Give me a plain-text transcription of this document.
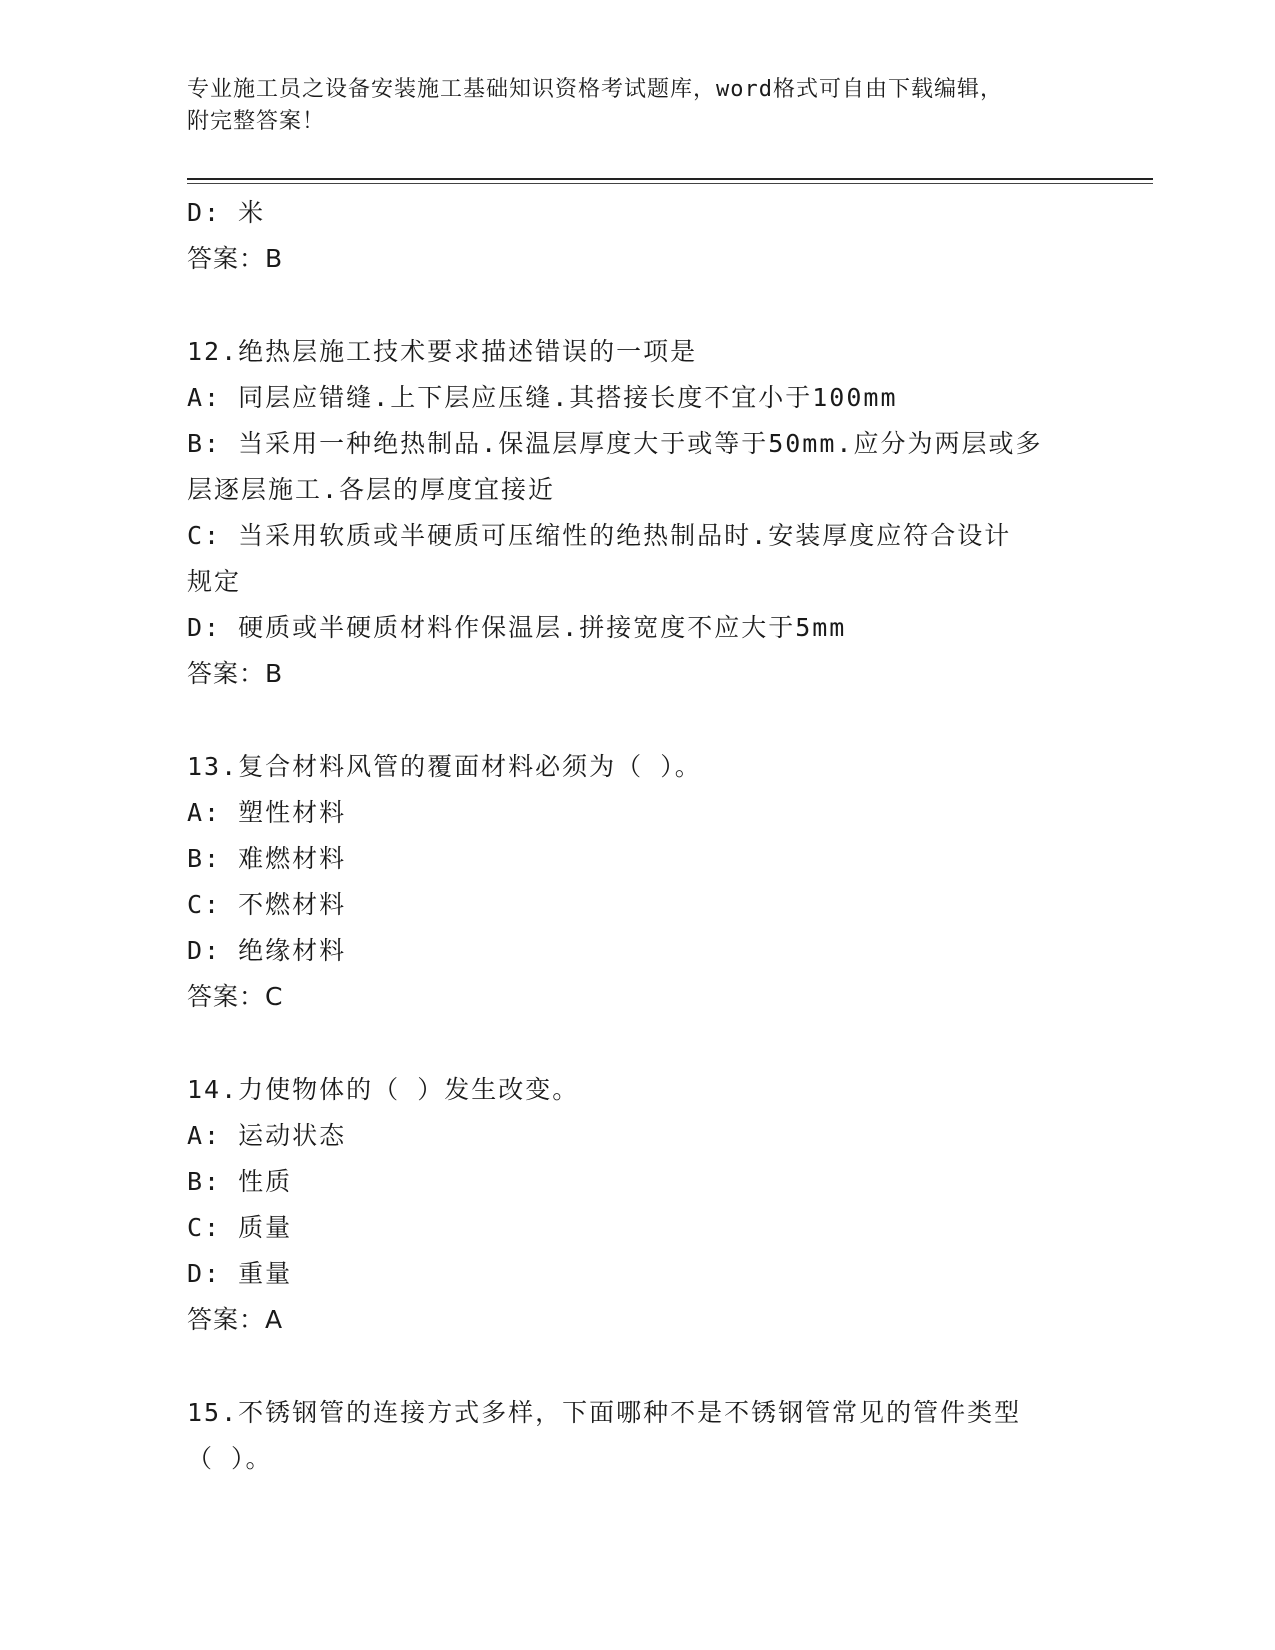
专业施工员之设备安装施工基础知识资格考试题库，word格式可自由下载编辑，
附完整答案！
D: 米
答案：B
12.绝热层施工技术要求描述错误的一项是
A: 同层应错缝.上下层应压缝.其搭接长度不宜小于100mm
B: 当采用一种绝热制品.保温层厚度大于或等于50mm.应分为两层或多
层逐层施工.各层的厚度宜接近
C: 当采用软质或半硬质可压缩性的绝热制品时.安装厚度应符合设计
规定
D: 硬质或半硬质材料作保温层.拼接宽度不应大于5mm
答案：B
13.复合材料风管的覆面材料必须为（ ）。
A: 塑性材料
B: 难燃材料
C: 不燃材料
D: 绝缘材料
答案：C
14.力使物体的（ ）发生改变。
A: 运动状态
B: 性质
C: 质量
D: 重量
答案：A
15.不锈钢管的连接方式多样，下面哪种不是不锈钢管常见的管件类型
（ ）。
